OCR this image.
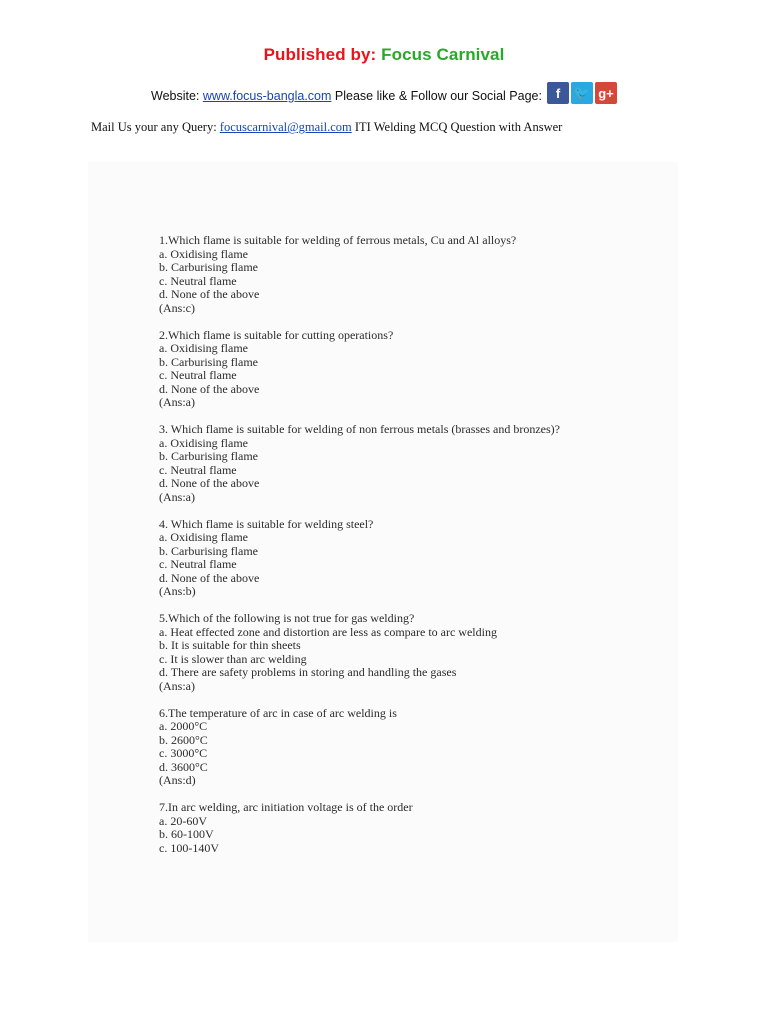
Published by: Focus Carnival
Website: www.focus-bangla.com Please like & Follow our Social Page:	f	🐦 g+
Mail Us your any Query: focuscarnival@gmail.com ITI Welding MCQ Question with Answer
1.Which flame is suitable for welding of ferrous metals, Cu and Al alloys?
a. Oxidising flame
b. Carburising flame
c. Neutral flame
d. None of the above
(Ans:c)
2.Which flame is suitable for cutting operations?
a. Oxidising flame
b. Carburising flame
c. Neutral flame
d. None of the above
(Ans:a)
3. Which flame is suitable for welding of non ferrous metals (brasses and bronzes)?
a. Oxidising flame
b. Carburising flame
c. Neutral flame
d. None of the above
(Ans:a)
4. Which flame is suitable for welding steel?
a. Oxidising flame
b. Carburising flame
c. Neutral flame
d. None of the above
(Ans:b)
5.Which of the following is not true for gas welding?
a. Heat effected zone and distortion are less as compare to arc welding
b. It is suitable for thin sheets
c. It is slower than arc welding
d. There are safety problems in storing and handling the gases
(Ans:a)
6.The temperature of arc in case of arc welding is
a. 2000°C
b. 2600°C
c. 3000°C
d. 3600°C
(Ans:d)
7.In arc welding, arc initiation voltage is of the order
a. 20-60V
b. 60-100V
c. 100-140V
